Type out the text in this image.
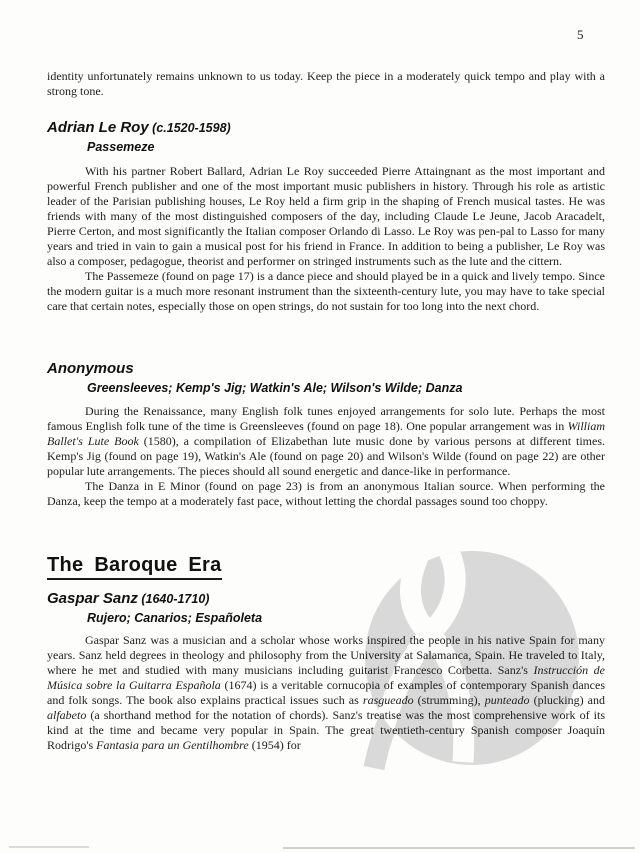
5

identity unfortunately remains unknown to us today. Keep the piece in a moderately quick tempo and play with a strong tone.

Adrian Le Roy (c.1520-1598)
Passemeze

With his partner Robert Ballard, Adrian Le Roy succeeded Pierre Attaingnant as the most important and powerful French publisher and one of the most important music publishers in history. Through his role as artistic leader of the Parisian publishing houses, Le Roy held a firm grip in the shaping of French musical tastes. He was friends with many of the most distinguished composers of the day, including Claude Le Jeune, Jacob Aracadelt, Pierre Certon, and most significantly the Italian composer Orlando di Lasso. Le Roy was pen-pal to Lasso for many years and tried in vain to gain a musical post for his friend in France. In addition to being a publisher, Le Roy was also a composer, pedagogue, theorist and performer on stringed instruments such as the lute and the cittern.

The Passemeze (found on page 17) is a dance piece and should played be in a quick and lively tempo. Since the modern guitar is a much more resonant instrument than the sixteenth-century lute, you may have to take special care that certain notes, especially those on open strings, do not sustain for too long into the next chord.

Anonymous
Greensleeves; Kemp's Jig; Watkin's Ale; Wilson's Wilde; Danza

During the Renaissance, many English folk tunes enjoyed arrangements for solo lute. Perhaps the most famous English folk tune of the time is Greensleeves (found on page 18). One popular arrangement was in William Ballet's Lute Book (1580), a compilation of Elizabethan lute music done by various persons at different times. Kemp's Jig (found on page 19), Watkin's Ale (found on page 20) and Wilson's Wilde (found on page 22) are other popular lute arrangements. The pieces should all sound energetic and dance-like in performance.

The Danza in E Minor (found on page 23) is from an anonymous Italian source. When performing the Danza, keep the tempo at a moderately fast pace, without letting the chordal passages sound too choppy.

The Baroque Era
Gaspar Sanz (1640-1710)
Rujero; Canarios; Españoleta

Gaspar Sanz was a musician and a scholar whose works inspired the people in his native Spain for many years. Sanz held degrees in theology and philosophy from the University at Salamanca, Spain. He traveled to Italy, where he met and studied with many musicians including guitarist Francesco Corbetta. Sanz's Instrucción de Música sobre la Guitarra Española (1674) is a veritable cornucopia of examples of contemporary Spanish dances and folk songs. The book also explains practical issues such as rasgueado (strumming), punteado (plucking) and alfabeto (a shorthand method for the notation of chords). Sanz's treatise was the most comprehensive work of its kind at the time and became very popular in Spain. The great twentieth-century Spanish composer Joaquín Rodrigo's Fantasia para un Gentilhombre (1954) for
